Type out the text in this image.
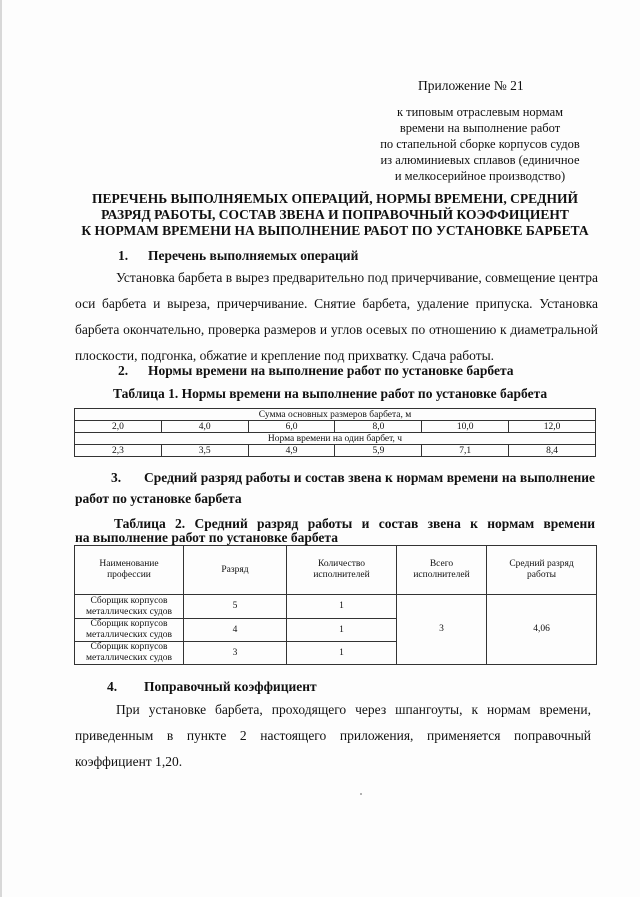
Приложение № 21
к типовым отраслевым нормам
времени на выполнение работ
по стапельной сборке корпусов судов
из алюминиевых сплавов (единичное
и мелкосерийное производство)
ПЕРЕЧЕНЬ ВЫПОЛНЯЕМЫХ ОПЕРАЦИЙ, НОРМЫ ВРЕМЕНИ, СРЕДНИЙ
РАЗРЯД РАБОТЫ, СОСТАВ ЗВЕНА И ПОПРАВОЧНЫЙ КОЭФФИЦИЕНТ
К НОРМАМ ВРЕМЕНИ НА ВЫПОЛНЕНИЕ РАБОТ ПО УСТАНОВКЕ БАРБЕТА
1. Перечень выполняемых операций
Установка барбета в вырез предварительно под причерчивание, совмещение центра
оси барбета и выреза, причерчивание. Снятие барбета, удаление припуска. Установка
барбета окончательно, проверка размеров и углов осевых по отношению к диаметральной
плоскости, подгонка, обжатие и крепление под прихватку. Сдача работы.
2. Нормы времени на выполнение работ по установке барбета
Таблица 1. Нормы времени на выполнение работ по установке барбета
Сумма основных размеров барбета, м					
2,0	4,0	6,0	8,0	10,0	12,0
Норма времени на один барбет, ч					
2,3	3,5	4,9	5,9	7,1	8,4
3. Средний разряд работы и состав звена к нормам времени на выполнение
работ по установке барбета
Таблица 2. Средний разряд работы и состав звена к нормам времени
на выполнение работ по установке барбета
Наименование профессии	Разряд	Количество исполнителей	Всего исполнителей	Средний разряд работы
Сборщик корпусов металлических судов	5	1	3	4,06
Сборщик корпусов металлических судов	4	1		
Сборщик корпусов металлических судов	3	1		
4. Поправочный коэффициент
При установке барбета, проходящего через шпангоуты, к нормам времени,
приведенным в пункте 2 настоящего приложения, применяется поправочный
коэффициент 1,20.
